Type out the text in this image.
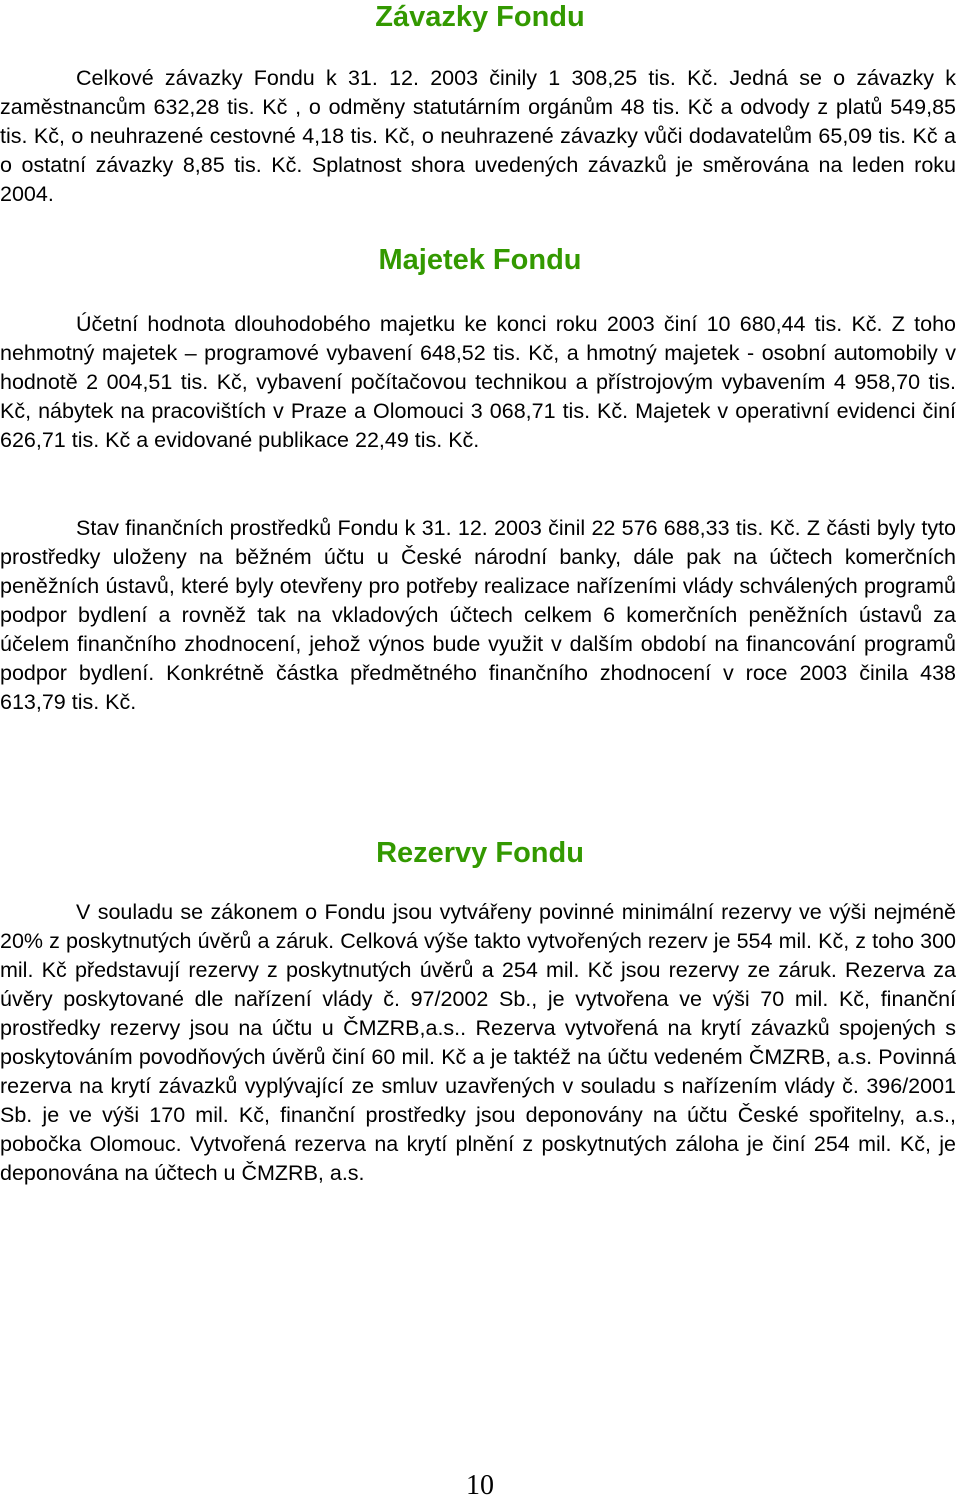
Závazky Fondu

Celkové závazky Fondu k 31. 12. 2003 činily 1 308,25 tis. Kč. Jedná se o závazky k zaměstnancům 632,28 tis. Kč , o odměny statutárním orgánům 48 tis. Kč a odvody z platů 549,85 tis. Kč, o neuhrazené cestovné 4,18 tis. Kč, o neuhrazené závazky vůči dodavatelům 65,09 tis. Kč a o ostatní závazky 8,85 tis. Kč. Splatnost shora uvedených závazků je směrována na leden roku 2004.

Majetek Fondu

Účetní hodnota dlouhodobého majetku ke konci roku 2003 činí 10 680,44 tis. Kč. Z toho nehmotný majetek – programové vybavení 648,52 tis. Kč, a hmotný majetek - osobní automobily v hodnotě 2 004,51 tis. Kč, vybavení počítačovou technikou a přístrojovým vybavením 4 958,70 tis. Kč, nábytek na pracovištích v Praze a Olomouci 3 068,71 tis. Kč. Majetek v operativní evidenci činí 626,71 tis. Kč a evidované publikace 22,49 tis. Kč.

Stav finančních prostředků Fondu k 31. 12. 2003 činil 22 576 688,33 tis. Kč. Z části byly tyto prostředky uloženy na běžném účtu u České národní banky, dále pak na účtech komerčních peněžních ústavů, které byly otevřeny pro potřeby realizace nařízeními vlády schválených programů podpor bydlení a rovněž tak na vkladových účtech celkem 6 komerčních peněžních ústavů za účelem finančního zhodnocení, jehož výnos bude využit v dalším období na financování programů podpor bydlení. Konkrétně částka předmětného finančního zhodnocení v roce 2003 činila 438 613,79 tis. Kč.

Rezervy Fondu

V souladu se zákonem o Fondu jsou vytvářeny povinné minimální rezervy ve výši nejméně 20% z poskytnutých úvěrů a záruk. Celková výše takto vytvořených rezerv je 554 mil. Kč, z toho 300 mil. Kč představují rezervy z poskytnutých úvěrů a 254 mil. Kč jsou rezervy ze záruk. Rezerva za úvěry poskytované dle nařízení vlády č. 97/2002 Sb., je vytvořena ve výši 70 mil. Kč, finanční prostředky rezervy jsou na účtu u ČMZRB,a.s.. Rezerva vytvořená na krytí závazků spojených s poskytováním povodňových úvěrů činí 60 mil. Kč a je taktéž na účtu vedeném ČMZRB, a.s. Povinná rezerva na krytí závazků vyplývající ze smluv uzavřených v souladu s nařízením vlády č. 396/2001 Sb. je ve výši 170 mil. Kč, finanční prostředky jsou deponovány na účtu České spořitelny, a.s., pobočka Olomouc. Vytvořená rezerva na krytí plnění z poskytnutých záloha je činí 254 mil. Kč, je deponována na účtech u ČMZRB, a.s.

10
